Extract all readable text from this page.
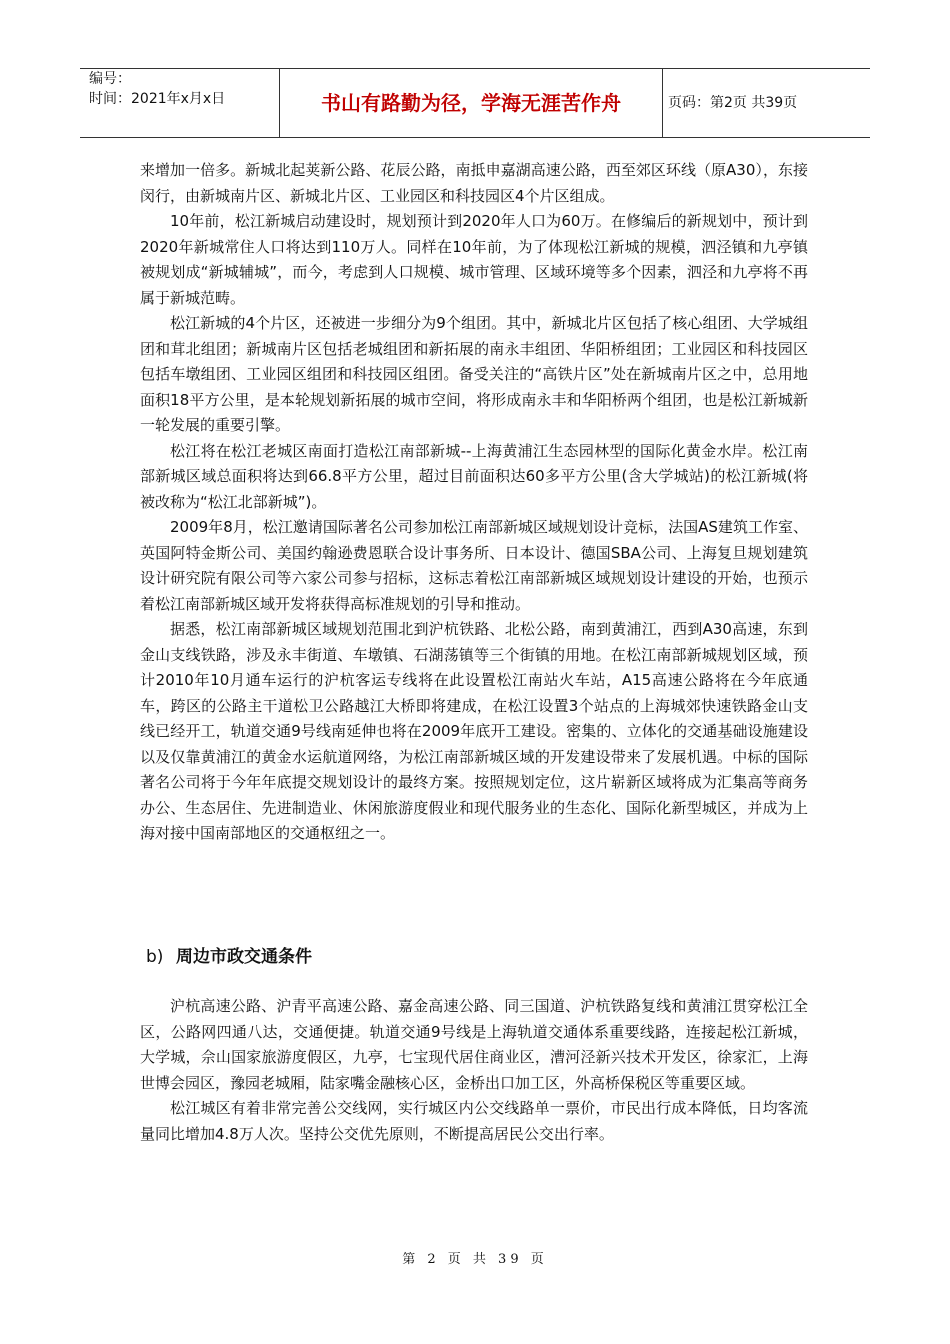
编号：
时间：2021年x月x日	书山有路勤为径，学海无涯苦作舟	页码：第2页 共39页

来增加一倍多。新城北起荚新公路、花辰公路，南抵申嘉湖高速公路，西至郊区环线（原A30），东接闵行，由新城南片区、新城北片区、工业园区和科技园区4个片区组成。

10年前，松江新城启动建设时，规划预计到2020年人口为60万。在修编后的新规划中，预计到2020年新城常住人口将达到110万人。同样在10年前，为了体现松江新城的规模，泗泾镇和九亭镇被规划成“新城辅城”，而今，考虑到人口规模、城市管理、区域环境等多个因素，泗泾和九亭将不再属于新城范畴。

松江新城的4个片区，还被进一步细分为9个组团。其中，新城北片区包括了核心组团、大学城组团和茸北组团；新城南片区包括老城组团和新拓展的南永丰组团、华阳桥组团；工业园区和科技园区包括车墩组团、工业园区组团和科技园区组团。备受关注的“高铁片区”处在新城南片区之中，总用地面积18平方公里，是本轮规划新拓展的城市空间，将形成南永丰和华阳桥两个组团，也是松江新城新一轮发展的重要引擎。

松江将在松江老城区南面打造松江南部新城--上海黄浦江生态园林型的国际化黄金水岸。松江南部新城区域总面积将达到66.8平方公里，超过目前面积达60多平方公里(含大学城站)的松江新城(将被改称为“松江北部新城”)。

2009年8月，松江邀请国际著名公司参加松江南部新城区域规划设计竞标，法国AS建筑工作室、英国阿特金斯公司、美国约翰逊费恩联合设计事务所、日本设计、德国SBA公司、上海复旦规划建筑设计研究院有限公司等六家公司参与招标，这标志着松江南部新城区域规划设计建设的开始，也预示着松江南部新城区域开发将获得高标准规划的引导和推动。

据悉，松江南部新城区域规划范围北到沪杭铁路、北松公路，南到黄浦江，西到A30高速，东到金山支线铁路，涉及永丰街道、车墩镇、石湖荡镇等三个街镇的用地。在松江南部新城规划区域，预计2010年10月通车运行的沪杭客运专线将在此设置松江南站火车站，A15高速公路将在今年底通车，跨区的公路主干道松卫公路越江大桥即将建成，在松江设置3个站点的上海城郊快速铁路金山支线已经开工，轨道交通9号线南延伸也将在2009年底开工建设。密集的、立体化的交通基础设施建设以及仅靠黄浦江的黄金水运航道网络，为松江南部新城区域的开发建设带来了发展机遇。中标的国际著名公司将于今年年底提交规划设计的最终方案。按照规划定位，这片崭新区域将成为汇集高等商务办公、生态居住、先进制造业、休闲旅游度假业和现代服务业的生态化、国际化新型城区，并成为上海对接中国南部地区的交通枢纽之一。

b) 周边市政交通条件

沪杭高速公路、沪青平高速公路、嘉金高速公路、同三国道、沪杭铁路复线和黄浦江贯穿松江全区，公路网四通八达，交通便捷。轨道交通9号线是上海轨道交通体系重要线路，连接起松江新城，大学城，佘山国家旅游度假区，九亭，七宝现代居住商业区，漕河泾新兴技术开发区，徐家汇，上海世博会园区，豫园老城厢，陆家嘴金融核心区，金桥出口加工区，外高桥保税区等重要区域。

松江城区有着非常完善公交线网，实行城区内公交线路单一票价，市民出行成本降低，日均客流量同比增加4.8万人次。坚持公交优先原则，不断提高居民公交出行率。

第 2 页 共 39 页
